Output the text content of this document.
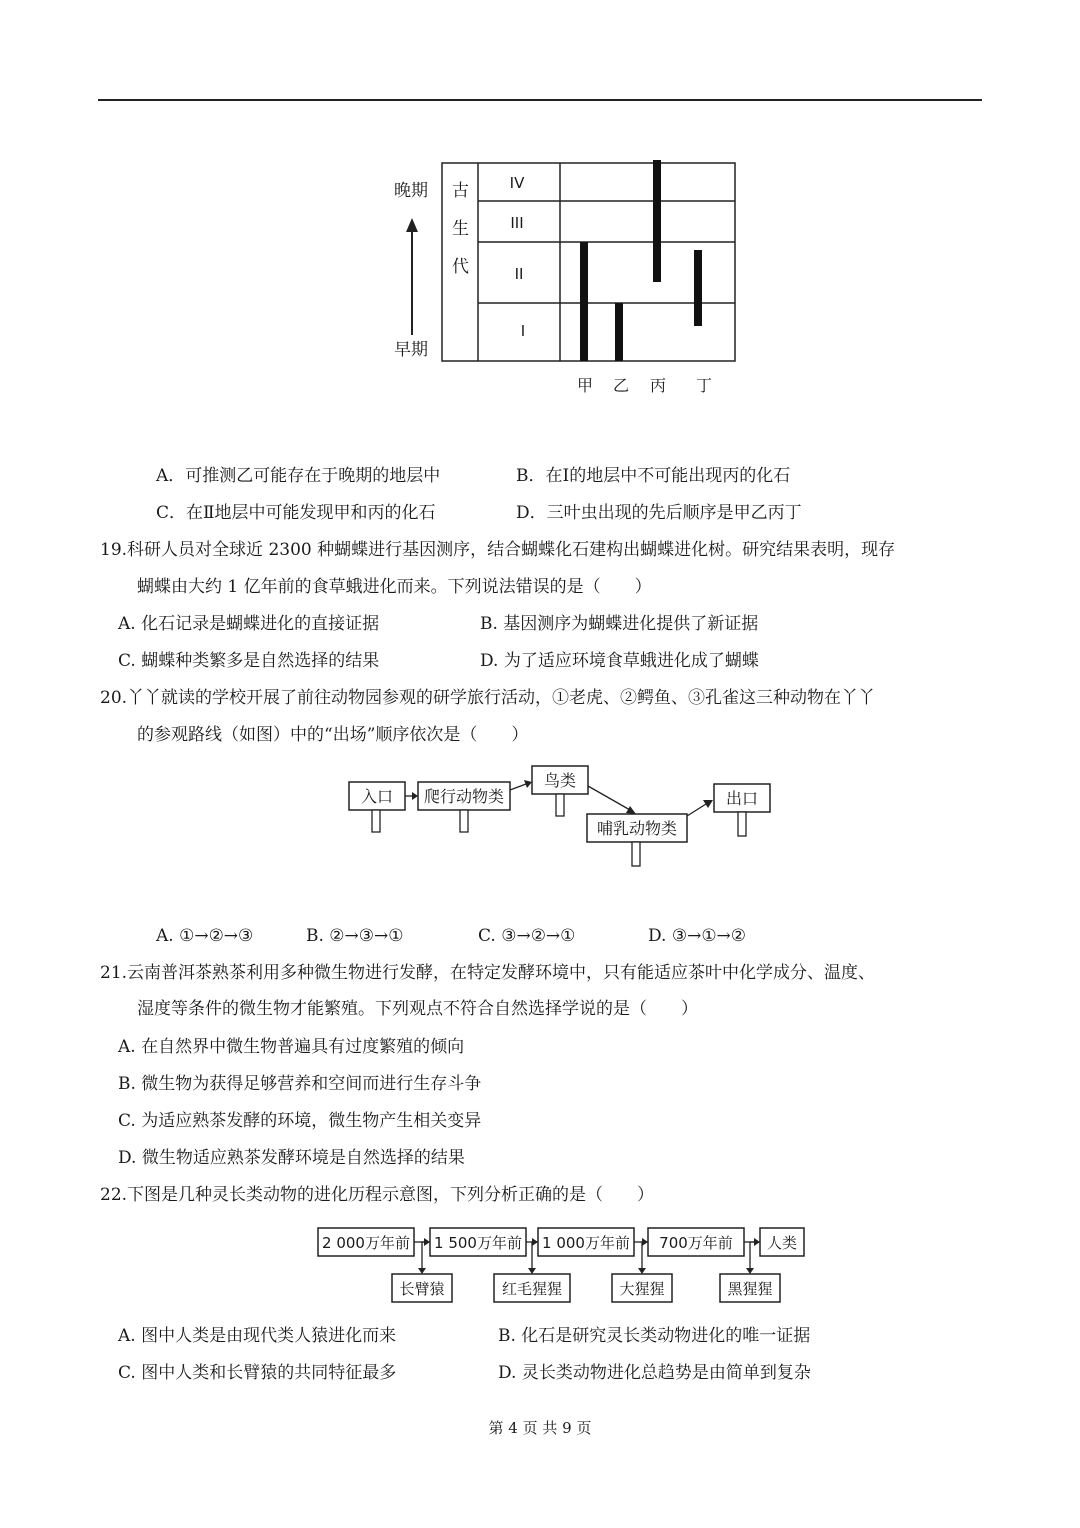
晚期
早期
古
生
代
IV
III
II
I
甲 乙 丙 丁
A．可推测乙可能存在于晚期的地层中	B．在Ⅰ的地层中不可能出现丙的化石
C．在Ⅱ地层中可能发现甲和丙的化石	D．三叶虫出现的先后顺序是甲乙丙丁
19.科研人员对全球近 2300 种蝴蝶进行基因测序，结合蝴蝶化石建构出蝴蝶进化树。研究结果表明，现存
蝴蝶由大约 1 亿年前的食草蛾进化而来。下列说法错误的是（　　）
A. 化石记录是蝴蝶进化的直接证据	B. 基因测序为蝴蝶进化提供了新证据
C. 蝴蝶种类繁多是自然选择的结果	D. 为了适应环境食草蛾进化成了蝴蝶
20.丫丫就读的学校开展了前往动物园参观的研学旅行活动，①老虎、②鳄鱼、③孔雀这三种动物在丫丫
的参观路线（如图）中的“出场”顺序依次是（　　）
入口 爬行动物类
鸟类
哺乳动物类
出口
A. ①→②→③	B. ②→③→①	C. ③→②→①	D. ③→①→②
21.云南普洱茶熟茶利用多种微生物进行发酵，在特定发酵环境中，只有能适应茶叶中化学成分、温度、
湿度等条件的微生物才能繁殖。下列观点不符合自然选择学说的是（　　）
A. 在自然界中微生物普遍具有过度繁殖的倾向
B. 微生物为获得足够营养和空间而进行生存斗争
C. 为适应熟茶发酵的环境，微生物产生相关变异
D. 微生物适应熟茶发酵环境是自然选择的结果
22.下图是几种灵长类动物的进化历程示意图，下列分析正确的是（　　）
2 000万年前 1 500万年前 1 000万年前 700万年前 人类
长臂猿	红毛猩猩	大猩猩	黑猩猩
A. 图中人类是由现代类人猿进化而来	B. 化石是研究灵长类动物进化的唯一证据
C. 图中人类和长臂猿的共同特征最多	D. 灵长类动物进化总趋势是由简单到复杂
第 4 页 共 9 页
